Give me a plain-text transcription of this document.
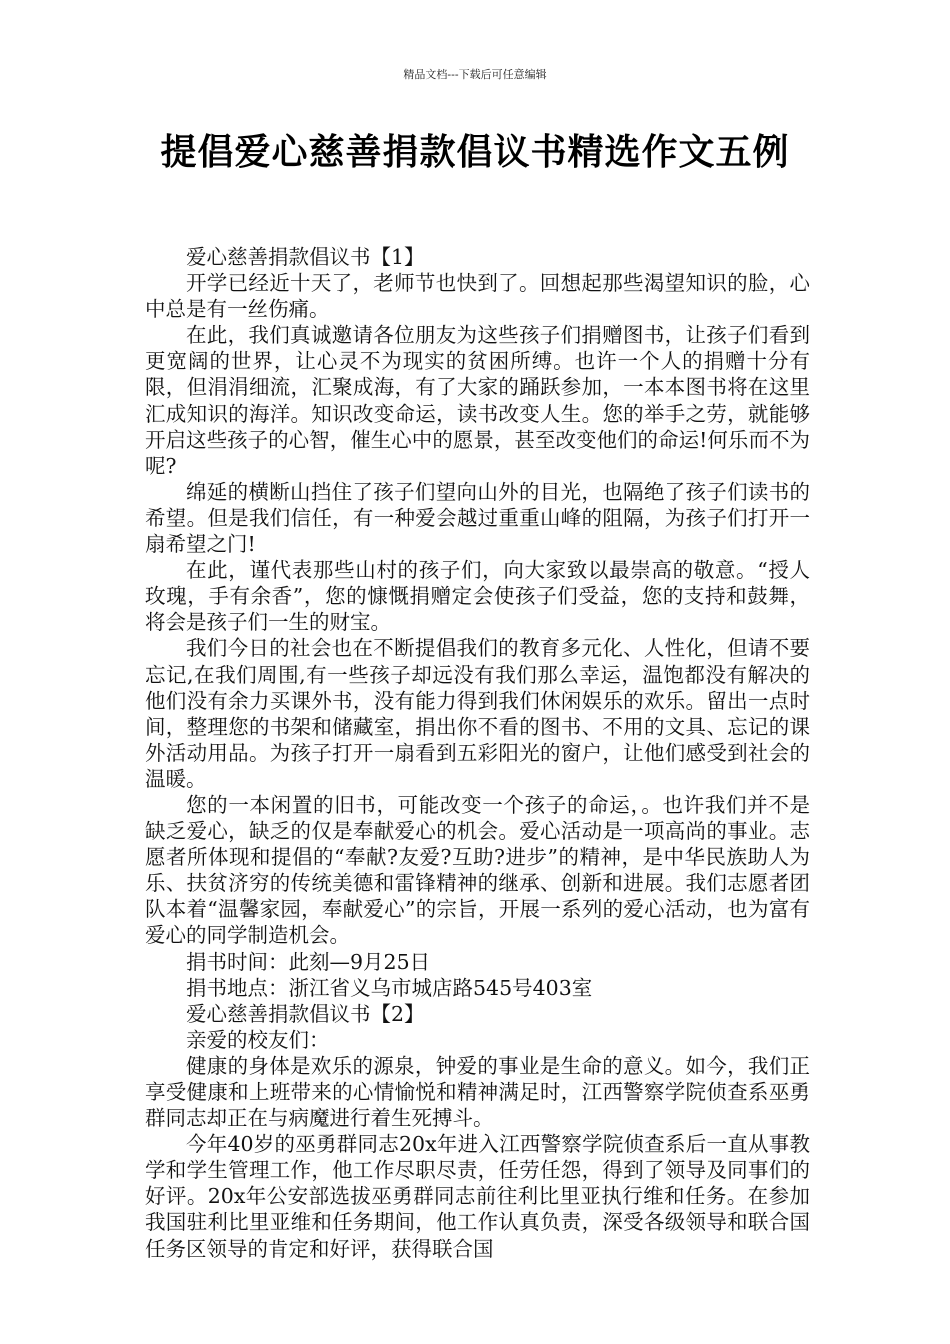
精品文档---下载后可任意编辑
提倡爱心慈善捐款倡议书精选作文五例

爱心慈善捐款倡议书【1】

开学已经近十天了，老师节也快到了。回想起那些渴望知识的脸，心中总是有一丝伤痛。

在此，我们真诚邀请各位朋友为这些孩子们捐赠图书，让孩子们看到更宽阔的世界，让心灵不为现实的贫困所缚。也许一个人的捐赠十分有限，但涓涓细流，汇聚成海，有了大家的踊跃参加，一本本图书将在这里汇成知识的海洋。知识改变命运，读书改变人生。您的举手之劳，就能够开启这些孩子的心智，催生心中的愿景，甚至改变他们的命运!何乐而不为呢?

绵延的横断山挡住了孩子们望向山外的目光，也隔绝了孩子们读书的希望。但是我们信任，有一种爱会越过重重山峰的阻隔，为孩子们打开一扇希望之门!

在此，谨代表那些山村的孩子们，向大家致以最崇高的敬意。“授人玫瑰，手有余香”，您的慷慨捐赠定会使孩子们受益，您的支持和鼓舞，将会是孩子们一生的财宝。

我们今日的社会也在不断提倡我们的教育多元化、人性化，但请不要忘记,在我们周围,有一些孩子却远没有我们那么幸运，温饱都没有解决的他们没有余力买课外书，没有能力得到我们休闲娱乐的欢乐。留出一点时间，整理您的书架和储藏室，捐出你不看的图书、不用的文具、忘记的课外活动用品。为孩子打开一扇看到五彩阳光的窗户，让他们感受到社会的温暖。

您的一本闲置的旧书，可能改变一个孩子的命运，。也许我们并不是缺乏爱心，缺乏的仅是奉献爱心的机会。爱心活动是一项高尚的事业。志愿者所体现和提倡的“奉献?友爱?互助?进步”的精神，是中华民族助人为乐、扶贫济穷的传统美德和雷锋精神的继承、创新和进展。我们志愿者团队本着“温馨家园，奉献爱心”的宗旨，开展一系列的爱心活动，也为富有爱心的同学制造机会。

捐书时间：此刻—9月25日

捐书地点：浙江省义乌市城店路545号403室

爱心慈善捐款倡议书【2】

亲爱的校友们：

健康的身体是欢乐的源泉，钟爱的事业是生命的意义。如今，我们正享受健康和上班带来的心情愉悦和精神满足时，江西警察学院侦查系巫勇群同志却正在与病魔进行着生死搏斗。

今年40岁的巫勇群同志20x年进入江西警察学院侦查系后一直从事教学和学生管理工作，他工作尽职尽责，任劳任怨，得到了领导及同事们的好评。20x年公安部选拔巫勇群同志前往利比里亚执行维和任务。在参加我国驻利比里亚维和任务期间，他工作认真负责，深受各级领导和联合国任务区领导的肯定和好评，获得联合国
